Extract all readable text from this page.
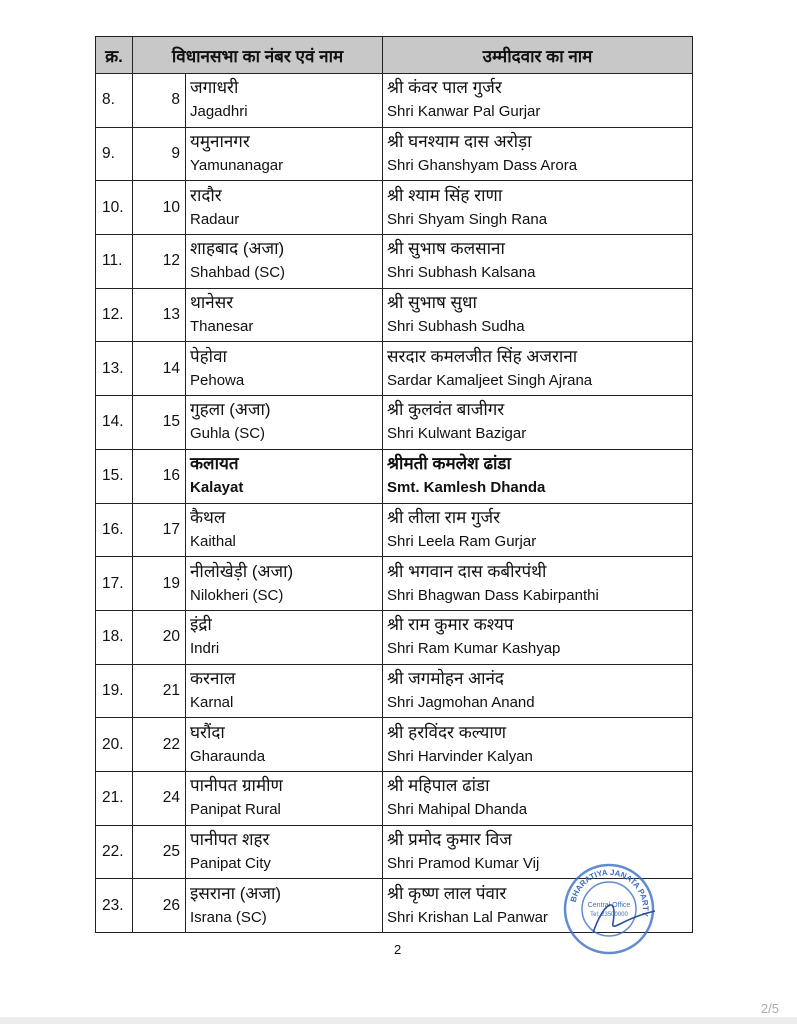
क्र.	विधानसभा का नंबर एवं नाम		उम्मीदवार का नाम
8.	8	जगाधरी
Jagadhri	श्री कंवर पाल गुर्जर
Shri Kanwar Pal Gurjar

9.	9	यमुनानगर
Yamunanagar	श्री घनश्याम दास अरोड़ा
Shri Ghanshyam Dass Arora

10.	10	रादौर
Radaur	श्री श्याम सिंह राणा
Shri Shyam Singh Rana

11.	12	शाहबाद (अजा)
Shahbad (SC)	श्री सुभाष कलसाना
Shri Subhash Kalsana

12.	13	थानेसर
Thanesar	श्री सुभाष सुधा
Shri Subhash Sudha

13.	14	पेहोवा
Pehowa	सरदार कमलजीत सिंह अजराना
Sardar Kamaljeet Singh Ajrana

14.	15	गुहला (अजा)
Guhla (SC)	श्री कुलवंत बाजीगर
Shri Kulwant Bazigar

15.	16	कलायत
Kalayat	श्रीमती कमलेश ढांडा
Smt. Kamlesh Dhanda

16.	17	कैथल
Kaithal	श्री लीला राम गुर्जर
Shri Leela Ram Gurjar

17.	19	नीलोखेड़ी (अजा)
Nilokheri (SC)	श्री भगवान दास कबीरपंथी
Shri Bhagwan Dass Kabirpanthi

18.	20	इंद्री
Indri	श्री राम कुमार कश्यप
Shri Ram Kumar Kashyap

19.	21	करनाल
Karnal	श्री जगमोहन आनंद
Shri Jagmohan Anand

20.	22	घरौंदा
Gharaunda	श्री हरविंदर कल्याण
Shri Harvinder Kalyan

21.	24	पानीपत ग्रामीण
Panipat Rural	श्री महिपाल ढांडा
Shri Mahipal Dhanda

22.	25	पानीपत शहर
Panipat City	श्री प्रमोद कुमार विज
Shri Pramod Kumar Vij

23.	26	इसराना (अजा)
Israna (SC)	श्री कृष्ण लाल पंवार
Shri Krishan Lal Panwar
2
BHARATIYA JANATA PARTY
Central Office
Tel: 23500000
2/5
